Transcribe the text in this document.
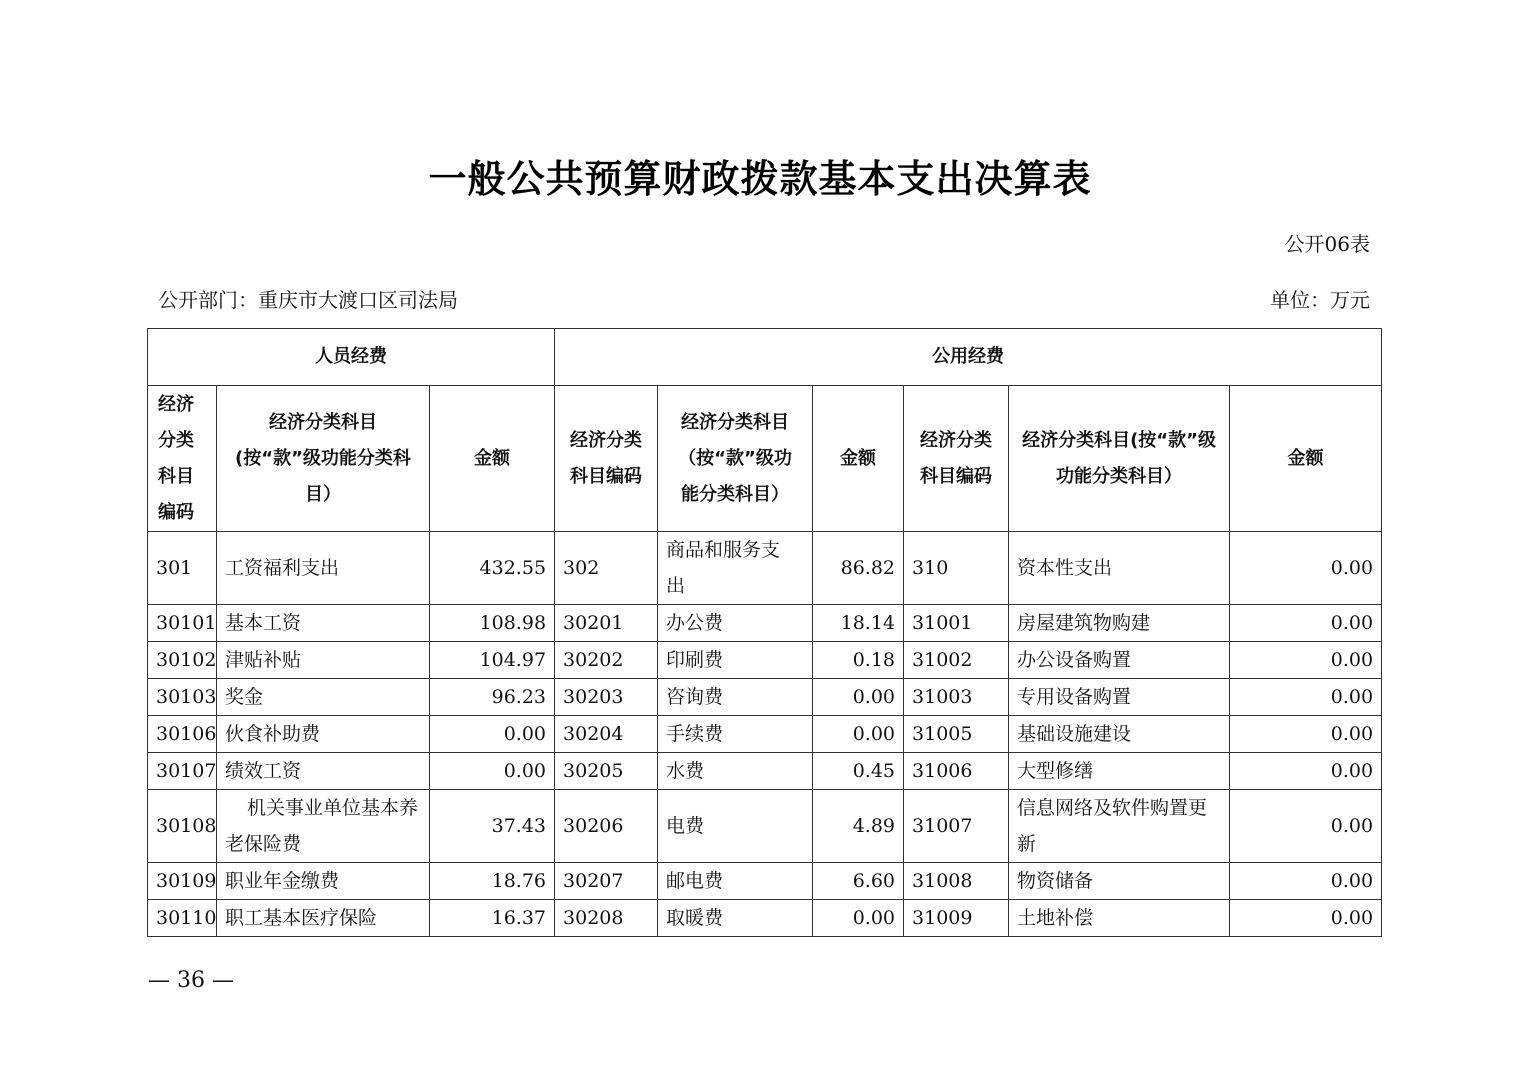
一般公共预算财政拨款基本支出决算表
公开06表
公开部门：重庆市大渡口区司法局	单位：万元
人员经费			公用经费					
经济分类科目编码	经济分类科目(按“款”级功能分类科目）	金额	经济分类科目编码	经济分类科目（按“款”级功能分类科目）	金额	经济分类科目编码	经济分类科目(按“款”级功能分类科目）	金额
301	工资福利支出	432.55	302	商品和服务支出	86.82	310	资本性支出	0.00
30101	基本工资	108.98	30201	办公费	18.14	31001	房屋建筑物购建	0.00
30102	津贴补贴	104.97	30202	印刷费	0.18	31002	办公设备购置	0.00
30103	奖金	96.23	30203	咨询费	0.00	31003	专用设备购置	0.00
30106	伙食补助费	0.00	30204	手续费	0.00	31005	基础设施建设	0.00
30107	绩效工资	0.00	30205	水费	0.45	31006	大型修缮	0.00
30108	机关事业单位基本养老保险费	37.43	30206	电费	4.89	31007	信息网络及软件购置更新	0.00
30109	职业年金缴费	18.76	30207	邮电费	6.60	31008	物资储备	0.00
30110	职工基本医疗保险	16.37	30208	取暖费	0.00	31009	土地补偿	0.00
— 36 —
